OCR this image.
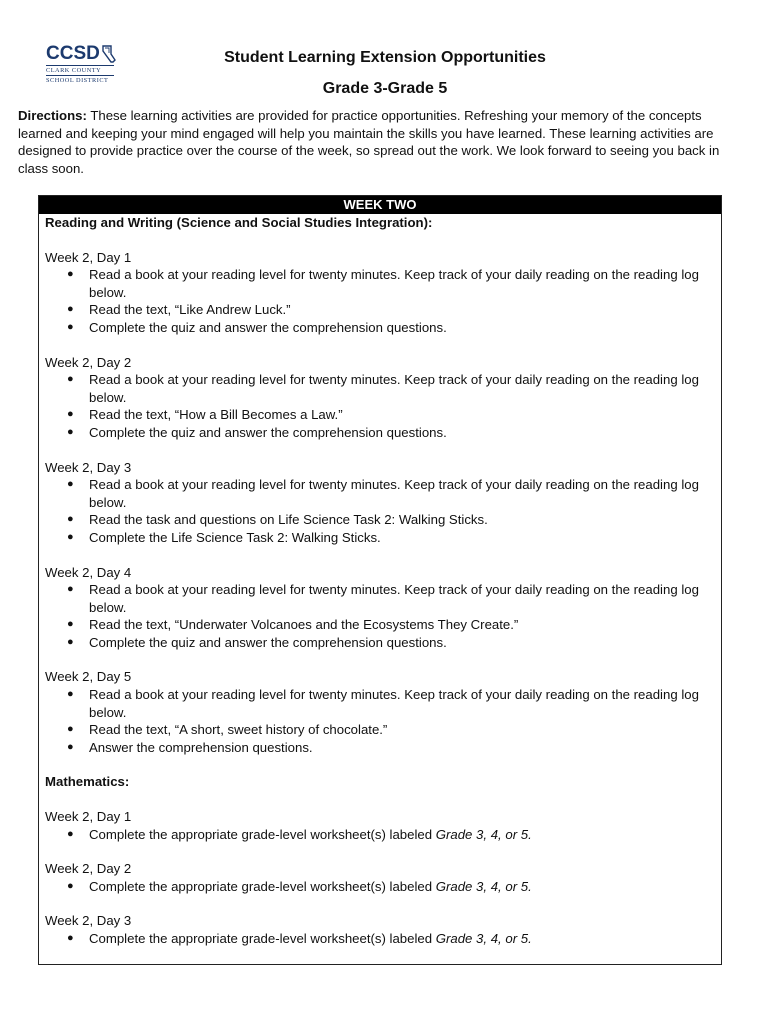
CCSD
CLARK COUNTY
SCHOOL DISTRICT
Student Learning Extension Opportunities
Grade 3-Grade 5
Directions: These learning activities are provided for practice opportunities. Refreshing your memory of the concepts learned and keeping your mind engaged will help you maintain the skills you have learned. These learning activities are designed to provide practice over the course of the week, so spread out the work. We look forward to seeing you back in class soon.
WEEK TWO
Reading and Writing (Science and Social Studies Integration):
Week 2, Day 1
● Read a book at your reading level for twenty minutes. Keep track of your daily reading on the reading log below.
● Read the text, “Like Andrew Luck.”
● Complete the quiz and answer the comprehension questions.
Week 2, Day 2
● Read a book at your reading level for twenty minutes. Keep track of your daily reading on the reading log below.
● Read the text, “How a Bill Becomes a Law.”
● Complete the quiz and answer the comprehension questions.
Week 2, Day 3
● Read a book at your reading level for twenty minutes. Keep track of your daily reading on the reading log below.
● Read the task and questions on Life Science Task 2: Walking Sticks.
● Complete the Life Science Task 2: Walking Sticks.
Week 2, Day 4
● Read a book at your reading level for twenty minutes. Keep track of your daily reading on the reading log below.
● Read the text, “Underwater Volcanoes and the Ecosystems They Create.”
● Complete the quiz and answer the comprehension questions.
Week 2, Day 5
● Read a book at your reading level for twenty minutes. Keep track of your daily reading on the reading log below.
● Read the text, “A short, sweet history of chocolate.”
● Answer the comprehension questions.
Mathematics:
Week 2, Day 1
● Complete the appropriate grade-level worksheet(s) labeled Grade 3, 4, or 5.
Week 2, Day 2
● Complete the appropriate grade-level worksheet(s) labeled Grade 3, 4, or 5.
Week 2, Day 3
● Complete the appropriate grade-level worksheet(s) labeled Grade 3, 4, or 5.
